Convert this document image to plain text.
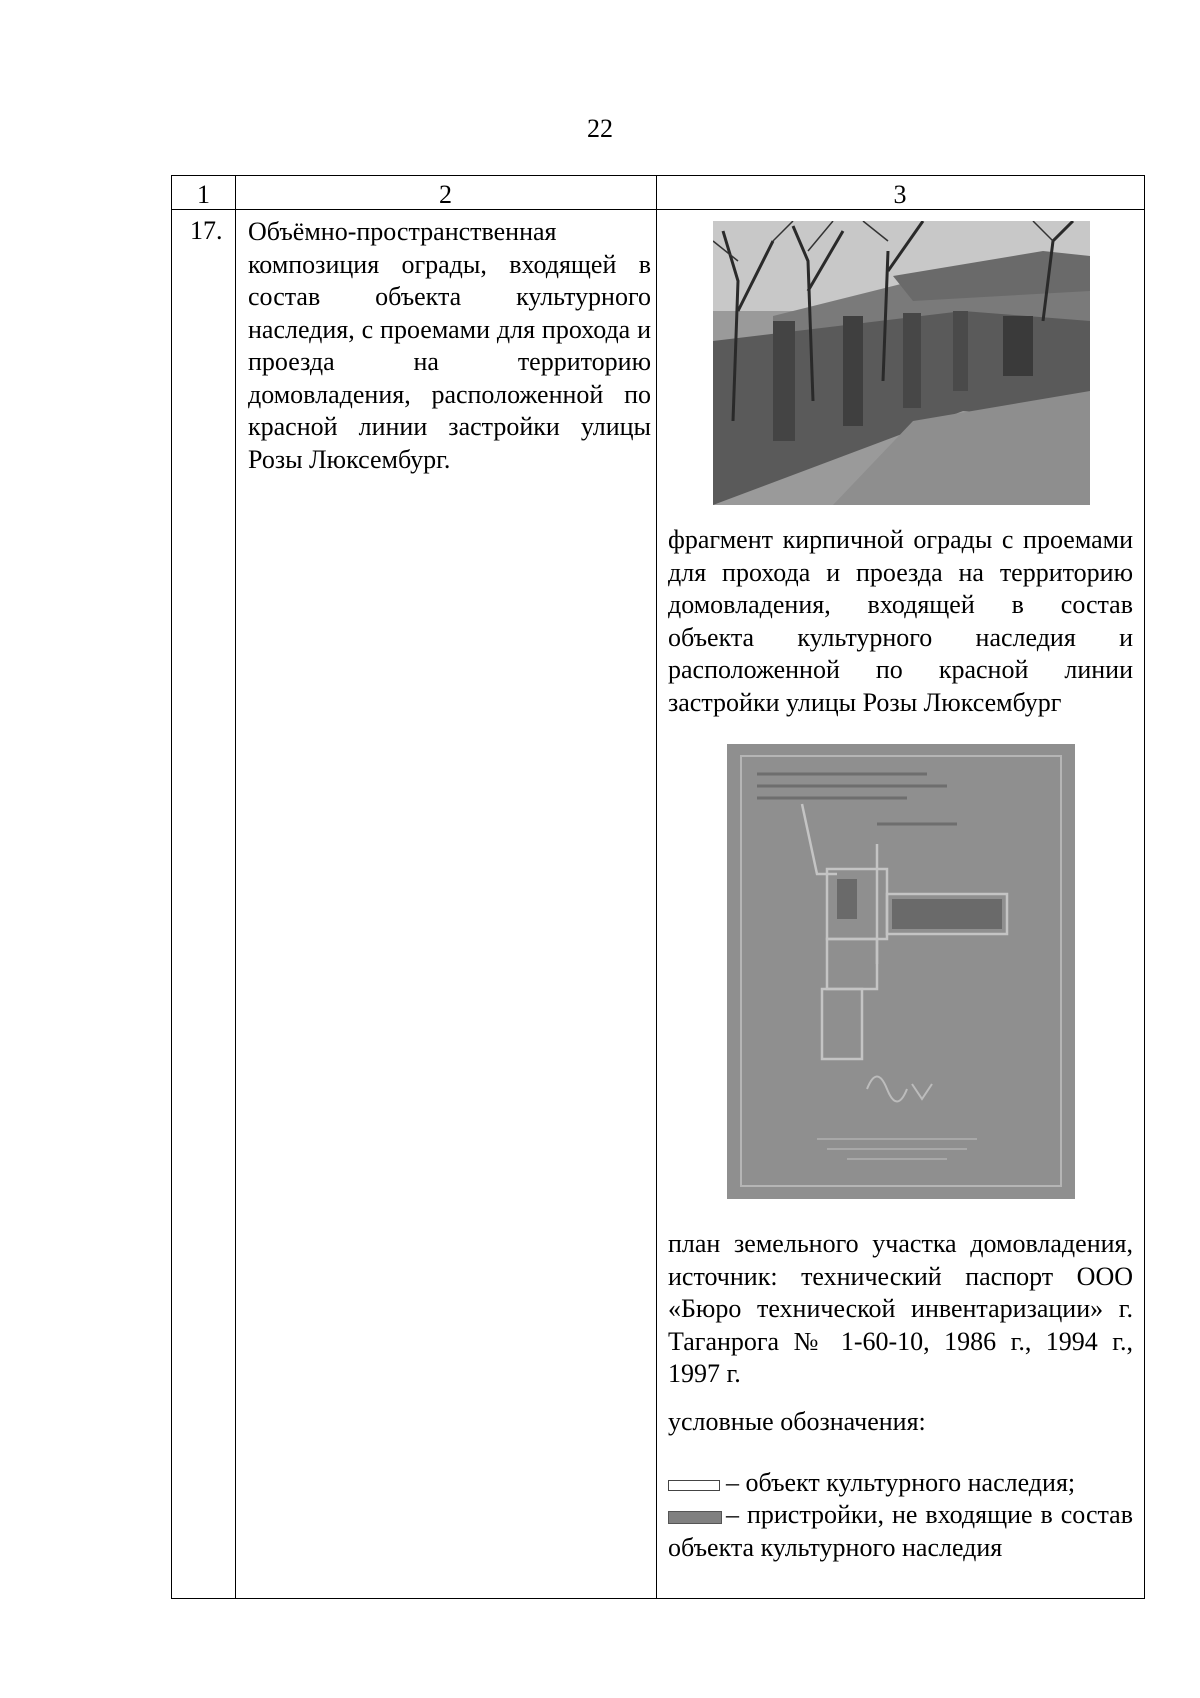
22
1	2	3
17. Объёмно-пространственная композиция ограды, входящей в состав объекта культурного наследия, с проемами для прохода и проезда на территорию домовладения, расположенной по красной линии застройки улицы Розы Люксембург.
фрагмент кирпичной ограды с проемами для прохода и проезда на территорию домовладения, входящей в состав объекта культурного наследия и расположенной по красной линии застройки улицы Розы Люксембург
план земельного участка домовладения, источник: технический паспорт ООО «Бюро технической инвентаризации» г. Таганрога № 1-60-10, 1986 г., 1994 г., 1997 г.
условные обозначения:
– объект культурного наследия;
– пристройки, не входящие в состав объекта культурного наследия
